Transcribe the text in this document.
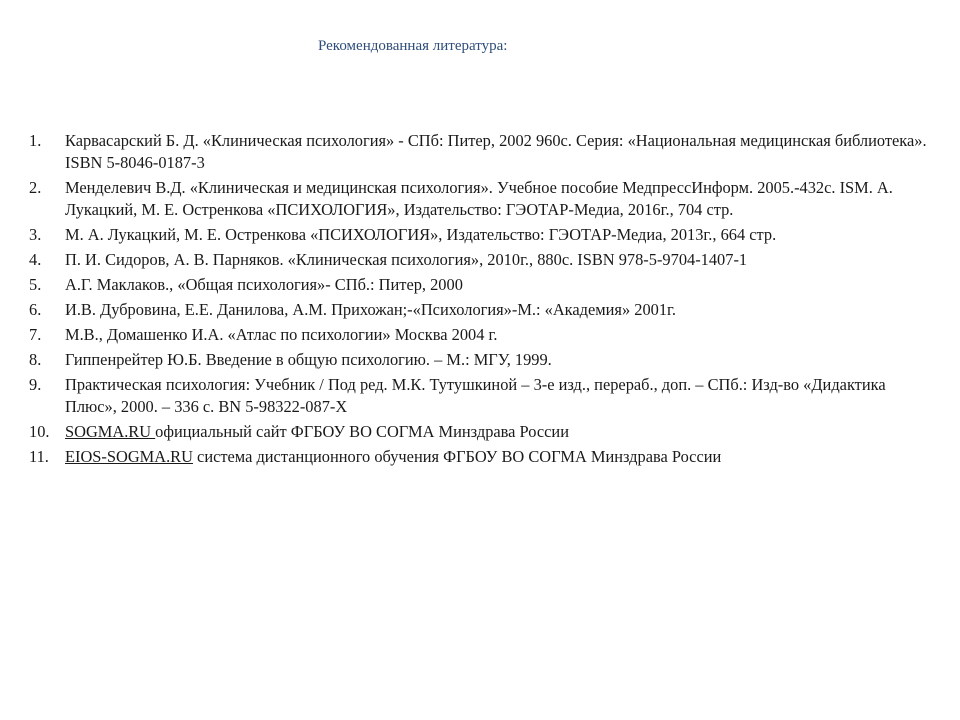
Рекомендованная литература:
1.	Карвасарский Б. Д. «Клиническая психология» - СПб: Питер, 2002 960с. Серия: «Национальная медицинская библиотека». ISBN 5-8046-0187-3
2.	Менделевич В.Д. «Клиническая и медицинская психология». Учебное пособие МедпрессИнформ. 2005.-432с. ISM. А. Лукацкий, М. Е. Остренкова «ПСИХОЛОГИЯ», Издательство: ГЭОТАР-Медиа, 2016г., 704 стр.
3.	М. А. Лукацкий, М. Е. Остренкова «ПСИХОЛОГИЯ», Издательство: ГЭОТАР-Медиа, 2013г., 664 стр.
4.	П. И. Сидоров, А. В. Парняков. «Клиническая психология», 2010г., 880с. ISBN 978-5-9704-1407-1
5.	А.Г. Маклаков., «Общая психология»- СПб.: Питер, 2000
6.	И.В. Дубровина, Е.Е. Данилова, А.М. Прихожан;-«Психология»-М.: «Академия» 2001г.
7.	М.В., Домашенко И.А. «Атлас по психологии» Москва 2004 г.
8.	Гиппенрейтер Ю.Б. Введение в общую психологию. – М.: МГУ, 1999.
9.	Практическая психология: Учебник / Под ред. М.К. Тутушкиной – 3-е изд., перераб., доп. – СПб.: Изд-во «Дидактика Плюс», 2000. – 336 с. BN 5-98322-087-X
10. SOGMA.RU официальный сайт ФГБОУ ВО СОГМА Минздрава России
11. EIOS-SOGMA.RU система дистанционного обучения ФГБОУ ВО СОГМА Минздрава России
